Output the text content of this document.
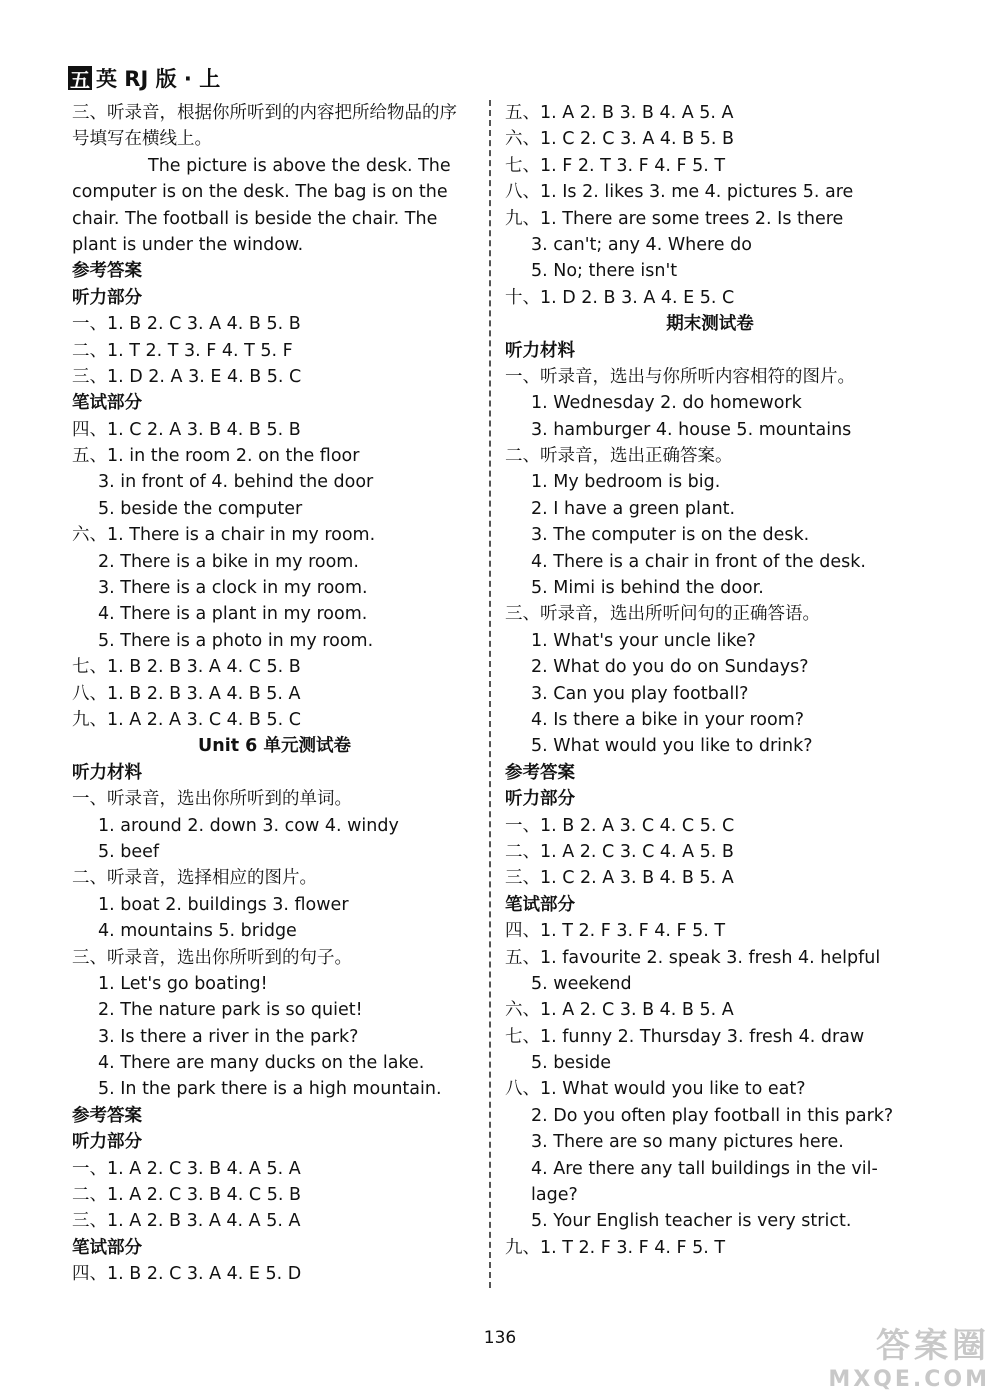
五 英 RJ 版 · 上
三、听录音，根据你所听到的内容把所给物品的序
号填写在横线上。
The picture is above the desk. The
computer is on the desk. The bag is on the
chair. The football is beside the chair. The
plant is under the window.
参考答案
听力部分
一、1. B 2. C 3. A 4. B 5. B
二、1. T 2. T 3. F 4. T 5. F
三、1. D 2. A 3. E 4. B 5. C
笔试部分
四、1. C 2. A 3. B 4. B 5. B
五、1. in the room 2. on the floor
3. in front of 4. behind the door
5. beside the computer
六、1. There is a chair in my room.
2. There is a bike in my room.
3. There is a clock in my room.
4. There is a plant in my room.
5. There is a photo in my room.
七、1. B 2. B 3. A 4. C 5. B
八、1. B 2. B 3. A 4. B 5. A
九、1. A 2. A 3. C 4. B 5. C
Unit 6 单元测试卷
听力材料
一、听录音，选出你所听到的单词。
1. around 2. down 3. cow 4. windy
5. beef
二、听录音，选择相应的图片。
1. boat 2. buildings 3. flower
4. mountains 5. bridge
三、听录音，选出你所听到的句子。
1. Let's go boating!
2. The nature park is so quiet!
3. Is there a river in the park?
4. There are many ducks on the lake.
5. In the park there is a high mountain.
参考答案
听力部分
一、1. A 2. C 3. B 4. A 5. A
二、1. A 2. C 3. B 4. C 5. B
三、1. A 2. B 3. A 4. A 5. A
笔试部分
四、1. B 2. C 3. A 4. E 5. D
五、1. A 2. B 3. B 4. A 5. A
六、1. C 2. C 3. A 4. B 5. B
七、1. F 2. T 3. F 4. F 5. T
八、1. Is 2. likes 3. me 4. pictures 5. are
九、1. There are some trees 2. Is there
3. can't; any 4. Where do
5. No; there isn't
十、1. D 2. B 3. A 4. E 5. C
期末测试卷
听力材料
一、听录音，选出与你所听内容相符的图片。
1. Wednesday 2. do homework
3. hamburger 4. house 5. mountains
二、听录音，选出正确答案。
1. My bedroom is big.
2. I have a green plant.
3. The computer is on the desk.
4. There is a chair in front of the desk.
5. Mimi is behind the door.
三、听录音，选出所听问句的正确答语。
1. What's your uncle like?
2. What do you do on Sundays?
3. Can you play football?
4. Is there a bike in your room?
5. What would you like to drink?
参考答案
听力部分
一、1. B 2. A 3. C 4. C 5. C
二、1. A 2. C 3. C 4. A 5. B
三、1. C 2. A 3. B 4. B 5. A
笔试部分
四、1. T 2. F 3. F 4. F 5. T
五、1. favourite 2. speak 3. fresh 4. helpful
5. weekend
六、1. A 2. C 3. B 4. B 5. A
七、1. funny 2. Thursday 3. fresh 4. draw
5. beside
八、1. What would you like to eat?
2. Do you often play football in this park?
3. There are so many pictures here.
4. Are there any tall buildings in the vil-
lage?
5. Your English teacher is very strict.
九、1. T 2. F 3. F 4. F 5. T
136	答案圈
MXQE.COM
